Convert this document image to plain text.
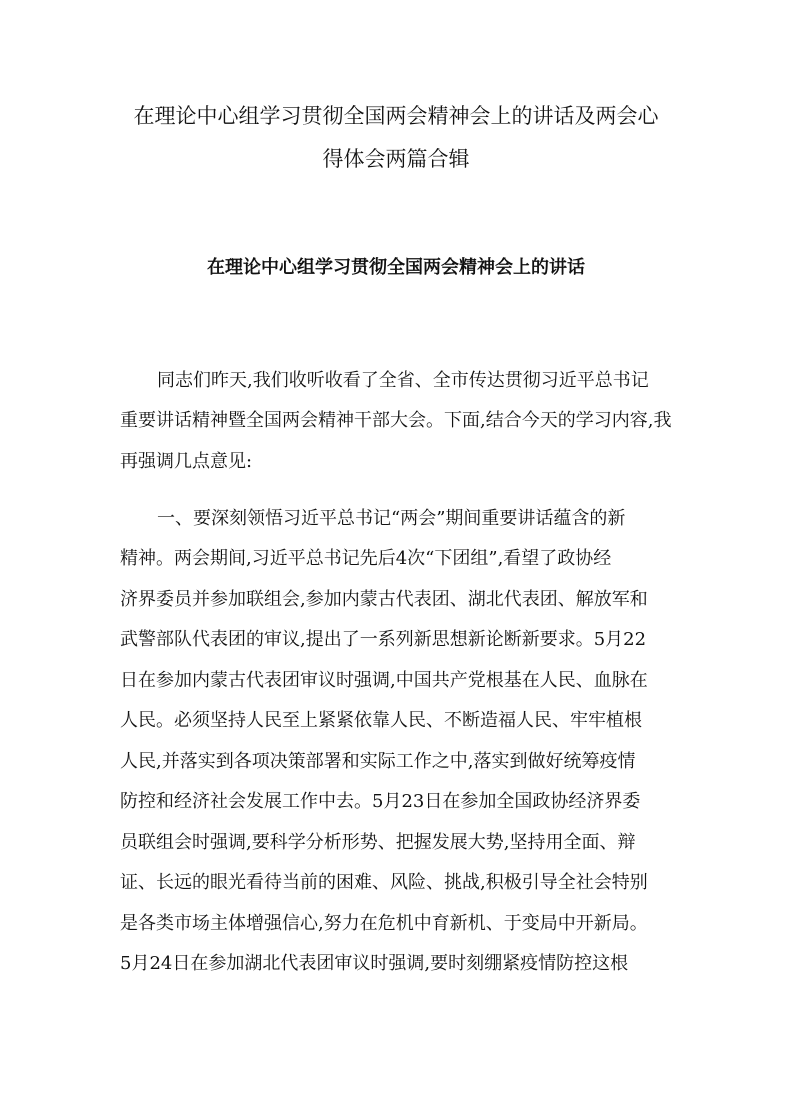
在理论中心组学习贯彻全国两会精神会上的讲话及两会心
得体会两篇合辑
在理论中心组学习贯彻全国两会精神会上的讲话

同志们昨天,我们收听收看了全省、全市传达贯彻习近平总书记

重要讲话精神暨全国两会精神干部大会。下面,结合今天的学习内容,我

再强调几点意见:

一、要深刻领悟习近平总书记“两会”期间重要讲话蕴含的新

精神。两会期间,习近平总书记先后4次“下团组”,看望了政协经

济界委员并参加联组会,参加内蒙古代表团、湖北代表团、解放军和

武警部队代表团的审议,提出了一系列新思想新论断新要求。5月22

日在参加内蒙古代表团审议时强调,中国共产党根基在人民、血脉在

人民。必须坚持人民至上紧紧依靠人民、不断造福人民、牢牢植根

人民,并落实到各项决策部署和实际工作之中,落实到做好统筹疫情

防控和经济社会发展工作中去。5月23日在参加全国政协经济界委

员联组会时强调,要科学分析形势、把握发展大势,坚持用全面、辩

证、长远的眼光看待当前的困难、风险、挑战,积极引导全社会特别

是各类市场主体增强信心,努力在危机中育新机、于变局中开新局。

5月24日在参加湖北代表团审议时强调,要时刻绷紧疫情防控这根
